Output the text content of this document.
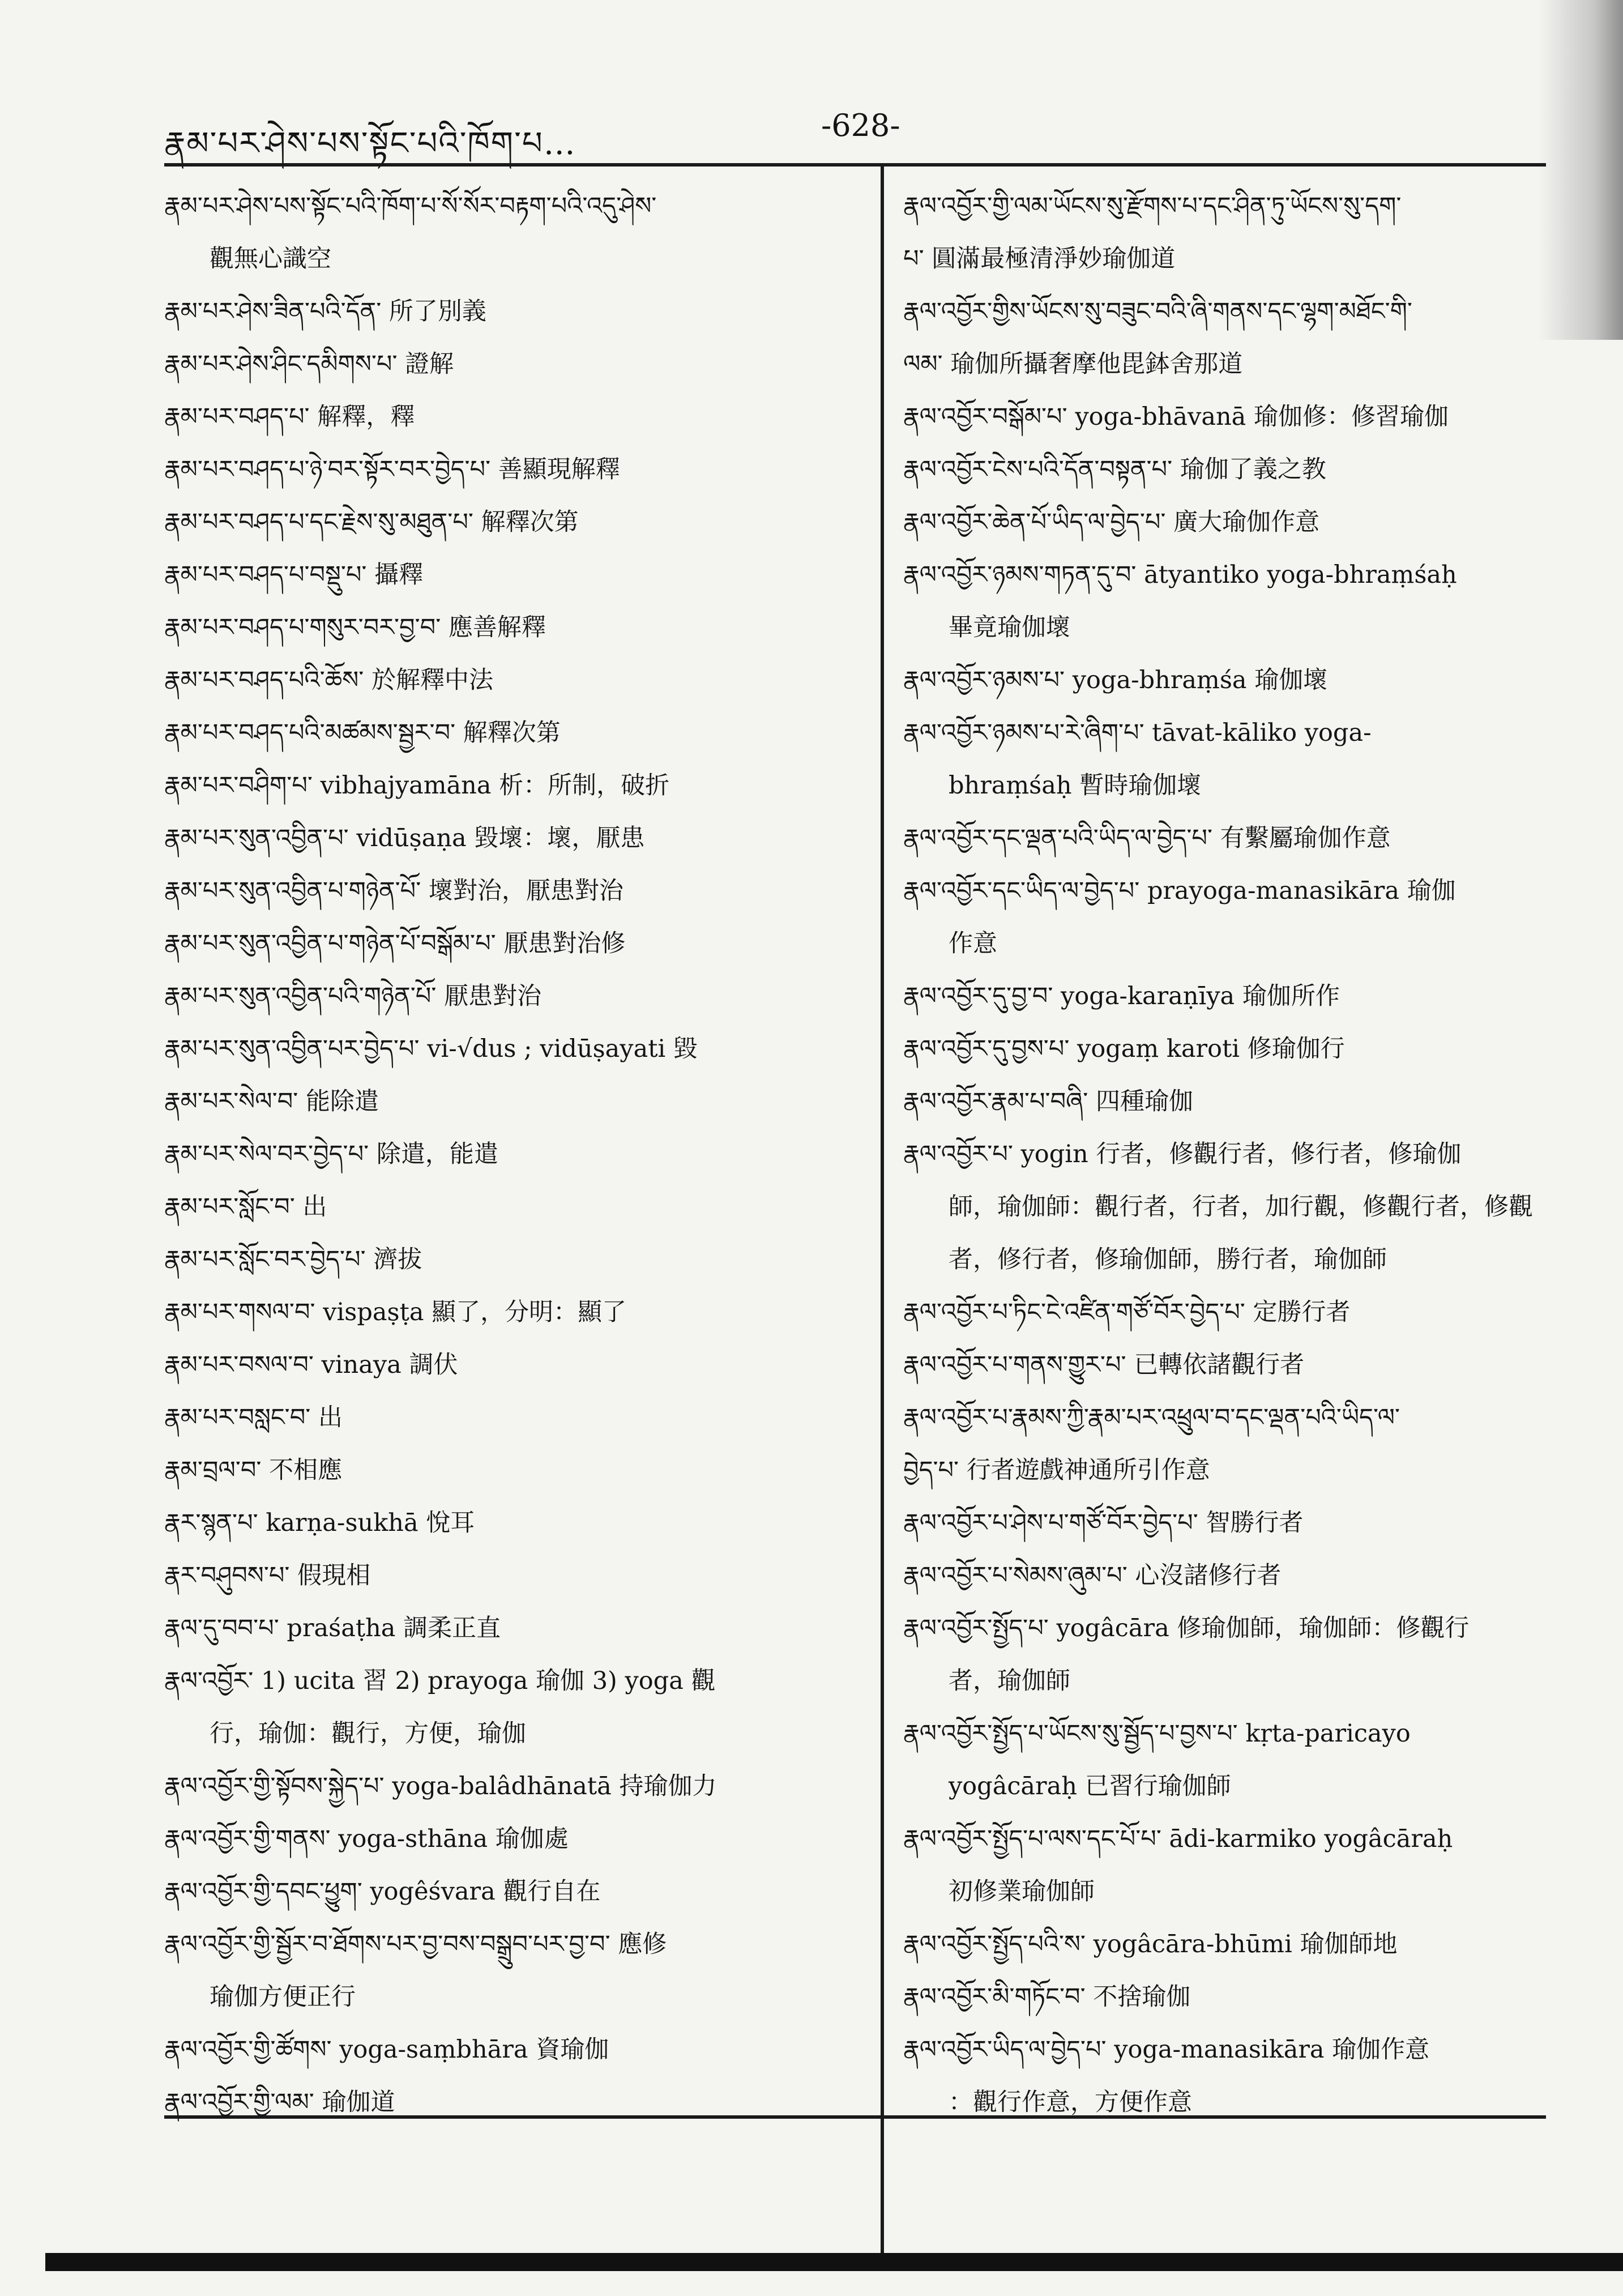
རྣམ་པར་ཤེས་པས་སྟོང་པའི་ཁོག་པ…	-628-
རྣམ་པར་ཤེས་པས་སྟོང་པའི་ཁོག་པ་སོ་སོར་བརྟག་པའི་འདུ་ཤེས་
觀無心識空
རྣམ་པར་ཤེས་ཟིན་པའི་དོན་ 所了別義
རྣམ་པར་ཤེས་ཤིང་དམིགས་པ་ 證解
རྣམ་པར་བཤད་པ་ 解釋，釋
རྣམ་པར་བཤད་པ་ཉེ་བར་སྟོར་བར་བྱེད་པ་ 善顯現解釋
རྣམ་པར་བཤད་པ་དང་རྗེས་སུ་མཐུན་པ་ 解釋次第
རྣམ་པར་བཤད་པ་བསྡུ་པ་ 攝釋
རྣམ་པར་བཤད་པ་གསུར་བར་བྱ་བ་ 應善解釋
རྣམ་པར་བཤད་པའི་ཆོས་ 於解釋中法
རྣམ་པར་བཤད་པའི་མཚམས་སྦྱར་བ་ 解釋次第
རྣམ་པར་བཤིག་པ་ vibhajyamāna 析：所制，破折
རྣམ་པར་སུན་འབྱིན་པ་ vidūṣaṇa 毀壞：壞，厭患
རྣམ་པར་སུན་འབྱིན་པ་གཉེན་པོ་ 壞對治，厭患對治
རྣམ་པར་སུན་འབྱིན་པ་གཉེན་པོ་བསྒོམ་པ་ 厭患對治修
རྣམ་པར་སུན་འབྱིན་པའི་གཉེན་པོ་ 厭患對治
རྣམ་པར་སུན་འབྱིན་པར་བྱེད་པ་ vi-√dus ; vidūṣayati 毀
རྣམ་པར་སེལ་བ་ 能除遣
རྣམ་པར་སེལ་བར་བྱེད་པ་ 除遣，能遣
རྣམ་པར་སློང་བ་ 出
རྣམ་པར་སློང་བར་བྱེད་པ་ 濟拔
རྣམ་པར་གསལ་བ་ vispaṣṭa 顯了，分明：顯了
རྣམ་པར་བསལ་བ་ vinaya 調伏
རྣམ་པར་བསླང་བ་ 出
རྣམ་བྲལ་བ་ 不相應
རྣར་སྙན་པ་ karṇa-sukhā 悅耳
རྣར་བཤུབས་པ་ 假現相
རྣལ་དུ་བབ་པ་ praśaṭha 調柔正直
རྣལ་འབྱོར་ 1) ucita 習 2) prayoga 瑜伽 3) yoga 觀
行，瑜伽：觀行，方便，瑜伽
རྣལ་འབྱོར་གྱི་སྟོབས་སྐྱེད་པ་ yoga-balâdhānatā 持瑜伽力
རྣལ་འབྱོར་གྱི་གནས་ yoga-sthāna 瑜伽處
རྣལ་འབྱོར་གྱི་དབང་ཕྱུག་ yogêśvara 觀行自在
རྣལ་འབྱོར་གྱི་སྦྱོར་བ་ཐོགས་པར་བྱ་བས་བསྒྲུབ་པར་བྱ་བ་ 應修
瑜伽方便正行
རྣལ་འབྱོར་གྱི་ཚོགས་ yoga-saṃbhāra 資瑜伽
རྣལ་འབྱོར་གྱི་ལམ་ 瑜伽道
རྣལ་འབྱོར་གྱི་ལམ་ཡོངས་སུ་རྫོགས་པ་དང་ཤིན་ཏུ་ཡོངས་སུ་དག་
པ་ 圓滿最極清淨妙瑜伽道
རྣལ་འབྱོར་གྱིས་ཡོངས་སུ་བཟུང་བའི་ཞི་གནས་དང་ལྷག་མཐོང་གི་
ལམ་ 瑜伽所攝奢摩他毘鉢舍那道
རྣལ་འབྱོར་བསྒོམ་པ་ yoga-bhāvanā 瑜伽修：修習瑜伽
རྣལ་འབྱོར་ངེས་པའི་དོན་བསྟན་པ་ 瑜伽了義之教
རྣལ་འབྱོར་ཆེན་པོ་ཡིད་ལ་བྱེད་པ་ 廣大瑜伽作意
རྣལ་འབྱོར་ཉམས་གཏན་དུ་བ་ ātyantiko yoga-bhraṃśaḥ
畢竟瑜伽壞
རྣལ་འབྱོར་ཉམས་པ་ yoga-bhraṃśa 瑜伽壞
རྣལ་འབྱོར་ཉམས་པ་རེ་ཞིག་པ་ tāvat-kāliko yoga-
bhraṃśaḥ 暫時瑜伽壞
རྣལ་འབྱོར་དང་ལྡན་པའི་ཡིད་ལ་བྱེད་པ་ 有繫屬瑜伽作意
རྣལ་འབྱོར་དང་ཡིད་ལ་བྱེད་པ་ prayoga-manasikāra 瑜伽
作意
རྣལ་འབྱོར་དུ་བྱ་བ་ yoga-karaṇīya 瑜伽所作
རྣལ་འབྱོར་དུ་བྱས་པ་ yogaṃ karoti 修瑜伽行
རྣལ་འབྱོར་རྣམ་པ་བཞི་ 四種瑜伽
རྣལ་འབྱོར་པ་ yogin 行者，修觀行者，修行者，修瑜伽
師，瑜伽師：觀行者，行者，加行觀，修觀行者，修觀
者，修行者，修瑜伽師，勝行者，瑜伽師
རྣལ་འབྱོར་པ་ཏིང་ངེ་འཛིན་གཙོ་བོར་བྱེད་པ་ 定勝行者
རྣལ་འབྱོར་པ་གནས་གྱུར་པ་ 已轉依諸觀行者
རྣལ་འབྱོར་པ་རྣམས་ཀྱི་རྣམ་པར་འཕྲུལ་བ་དང་ལྡན་པའི་ཡིད་ལ་
བྱེད་པ་ 行者遊戲神通所引作意
རྣལ་འབྱོར་པ་ཤེས་པ་གཙོ་བོར་བྱེད་པ་ 智勝行者
རྣལ་འབྱོར་པ་སེམས་ཞུམ་པ་ 心沒諸修行者
རྣལ་འབྱོར་སྤྱོད་པ་ yogâcāra 修瑜伽師，瑜伽師：修觀行
者，瑜伽師
རྣལ་འབྱོར་སྤྱོད་པ་ཡོངས་སུ་སྦྱོད་པ་བྱས་པ་ kṛta-paricayo
yogâcāraḥ 已習行瑜伽師
རྣལ་འབྱོར་སྤྱོད་པ་ལས་དང་པོ་པ་ ādi-karmiko yogâcāraḥ
初修業瑜伽師
རྣལ་འབྱོར་སྤྱོད་པའི་ས་ yogâcāra-bhūmi 瑜伽師地
རྣལ་འབྱོར་མི་གཏོང་བ་ 不捨瑜伽
རྣལ་འབྱོར་ཡིད་ལ་བྱེད་པ་ yoga-manasikāra 瑜伽作意
：觀行作意，方便作意
